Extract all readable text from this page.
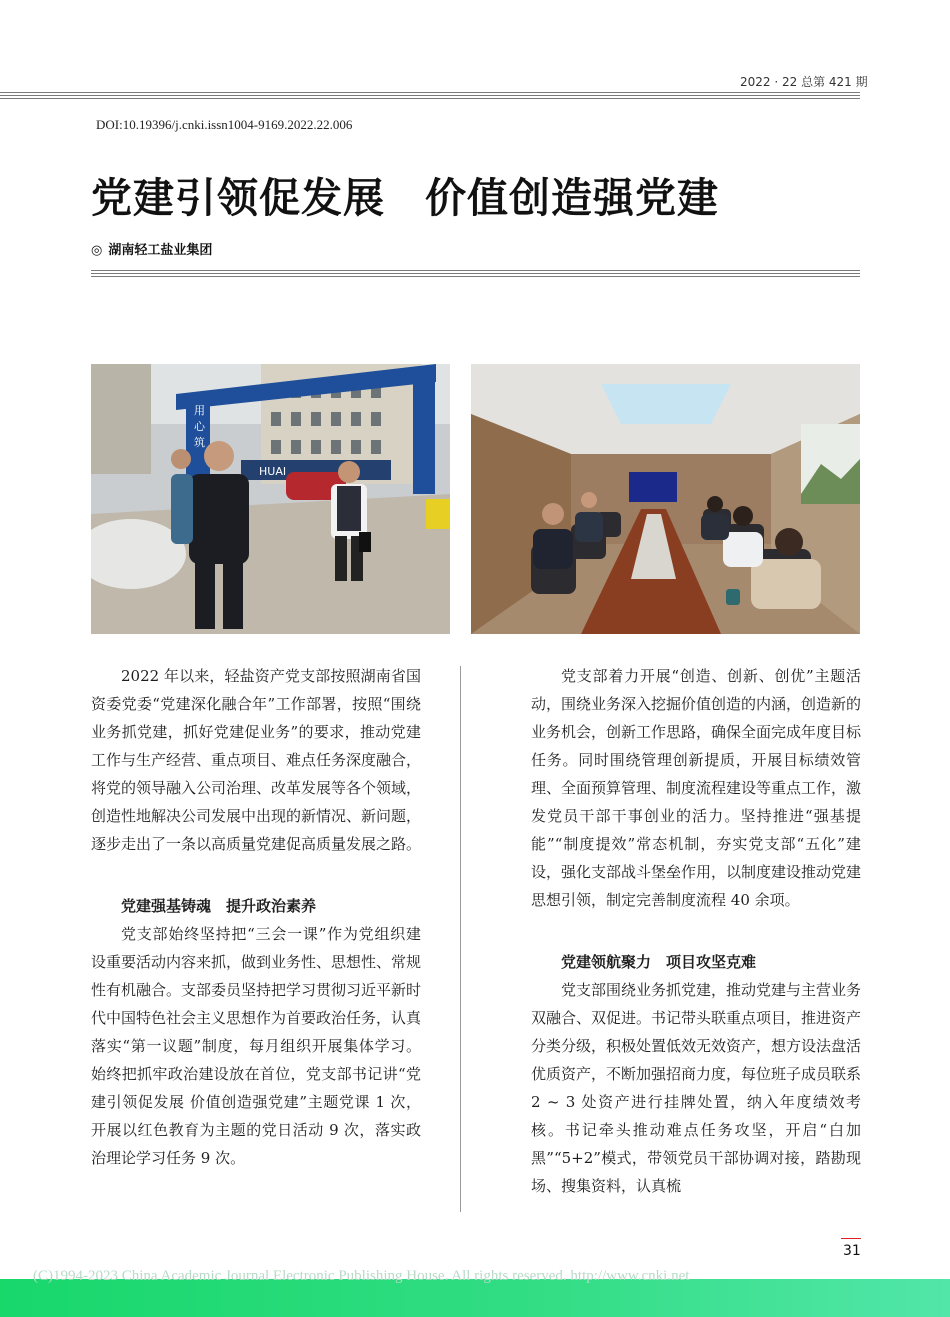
2022 · 22 总第 421 期
DOI:10.19396/j.cnki.issn1004-9169.2022.22.006
党建引领促发展 价值创造强党建
◎ 湖南轻工盐业集团
用
心
筑
HUAI

2022 年以来，轻盐资产党支部按照湖南省国资委党委“党建深化融合年”工作部署，按照“围绕业务抓党建，抓好党建促业务”的要求，推动党建工作与生产经营、重点项目、难点任务深度融合，将党的领导融入公司治理、改革发展等各个领域，创造性地解决公司发展中出现的新情况、新问题，逐步走出了一条以高质量党建促高质量发展之路。

党建强基铸魂　提升政治素养

党支部始终坚持把“三会一课”作为党组织建设重要活动内容来抓，做到业务性、思想性、常规性有机融合。支部委员坚持把学习贯彻习近平新时代中国特色社会主义思想作为首要政治任务，认真落实“第一议题”制度，每月组织开展集体学习。始终把抓牢政治建设放在首位，党支部书记讲“党建引领促发展 价值创造强党建”主题党课 1 次，开展以红色教育为主题的党日活动 9 次，落实政治理论学习任务 9 次。

党支部着力开展“创造、创新、创优”主题活动，围绕业务深入挖掘价值创造的内涵，创造新的业务机会，创新工作思路，确保全面完成年度目标任务。同时围绕管理创新提质，开展目标绩效管理、全面预算管理、制度流程建设等重点工作，激发党员干部干事创业的活力。坚持推进“强基提能”“制度提效”常态机制，夯实党支部“五化”建设，强化支部战斗堡垒作用，以制度建设推动党建思想引领，制定完善制度流程 40 余项。

党建领航聚力　项目攻坚克难

党支部围绕业务抓党建，推动党建与主营业务双融合、双促进。书记带头联重点项目，推进资产分类分级，积极处置低效无效资产，想方设法盘活优质资产，不断加强招商力度，每位班子成员联系 2 ~ 3 处资产进行挂牌处置，纳入年度绩效考核。书记牵头推动难点任务攻坚，开启“白加黑”“5+2”模式，带领党员干部协调对接，踏勘现场、搜集资料，认真梳

31
(C)1994-2023 China Academic Journal Electronic Publishing House. All rights reserved. http://www.cnki.net
